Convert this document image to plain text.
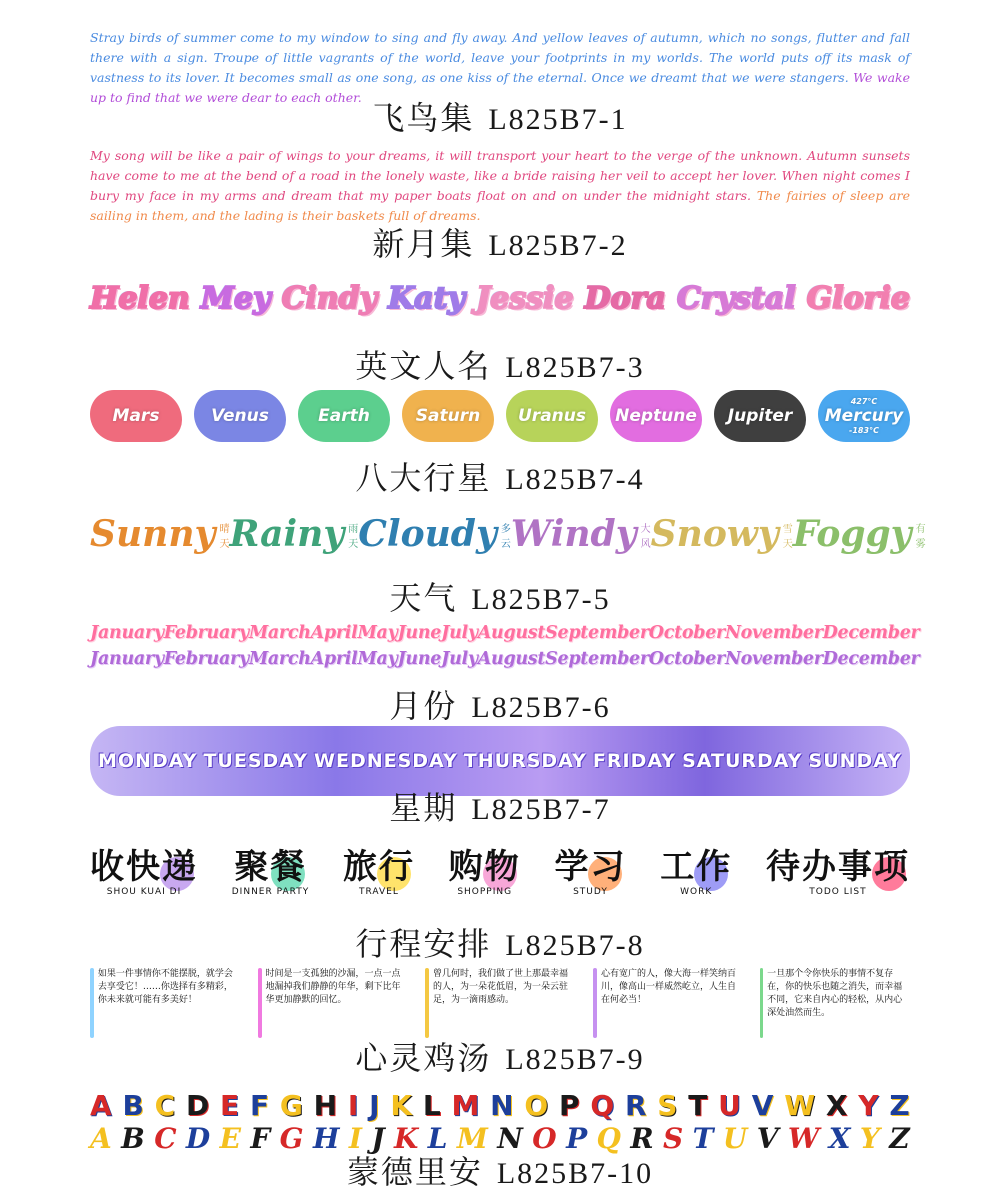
Stray birds of summer come to my window to sing and fly away. And yellow leaves of autumn, which no songs, flutter and fall there with a sign. Troupe of little vagrants of the world, leave your footprints in my worlds. The world puts off its mask of vastness to its lover. It becomes small as one song, as one kiss of the eternal. Once we dreamt that we were stangers. We wake up to find that we were dear to each other.
飞鸟集 L825B7-1
My song will be like a pair of wings to your dreams, it will transport your heart to the verge of the unknown. Autumn sunsets have come to me at the bend of a road in the lonely waste, like a bride raising her veil to accept her lover. When night comes I bury my face in my arms and dream that my paper boats float on and on under the midnight stars. The fairies of sleep are sailing in them, and the lading is their baskets full of dreams.
新月集 L825B7-2
Helen Mey Cindy Katy Jessie Dora Crystal Glorie
英文人名 L825B7-3
Mars	Venus	Earth	Saturn	Uranus	Neptune	Jupiter
427°C
Mercury
-183°C
八大行星 L825B7-4
Sunny 晴天 Rainy 雨天 Cloudy 多云 Windy 大风 Snowy 雪天 Foggy 有雾
天气 L825B7-5
January February March April May June July August September October November December
January February March April May June July August September October November December
月份 L825B7-6
MONDAY TUESDAY WEDNESDAY THURSDAY FRIDAY SATURDAY SUNDAY
星期 L825B7-7
收快递
SHOU KUAI DI
聚餐
DINNER PARTY
旅行
TRAVEL
购物
SHOPPING
学习
STUDY
工作
WORK
待办事项
TODO LIST
行程安排 L825B7-8
如果一件事情你不能摆脱，就学会去享受它！……你选择有多精彩，你未来就可能有多美好！
时间是一支孤独的沙漏，一点一点地漏掉我们静静的年华，剩下比年华更加静默的回忆。
曾几何时，我们做了世上那最幸福的人，为一朵花低眉，为一朵云驻足，为一滴雨感动。
心有宽广的人，像大海一样笑纳百川，像高山一样威然屹立，人生自在何必当！
一旦那个令你快乐的事情不复存在，你的快乐也随之消失，而幸福不同，它来自内心的轻松，从内心深处油然而生。
心灵鸡汤 L825B7-9
A B C D E F G H I J K L M N O P Q R S T U V W X Y Z
A B C D E F G H I J K L M N O P Q R S T U V W X Y Z
蒙德里安 L825B7-10
